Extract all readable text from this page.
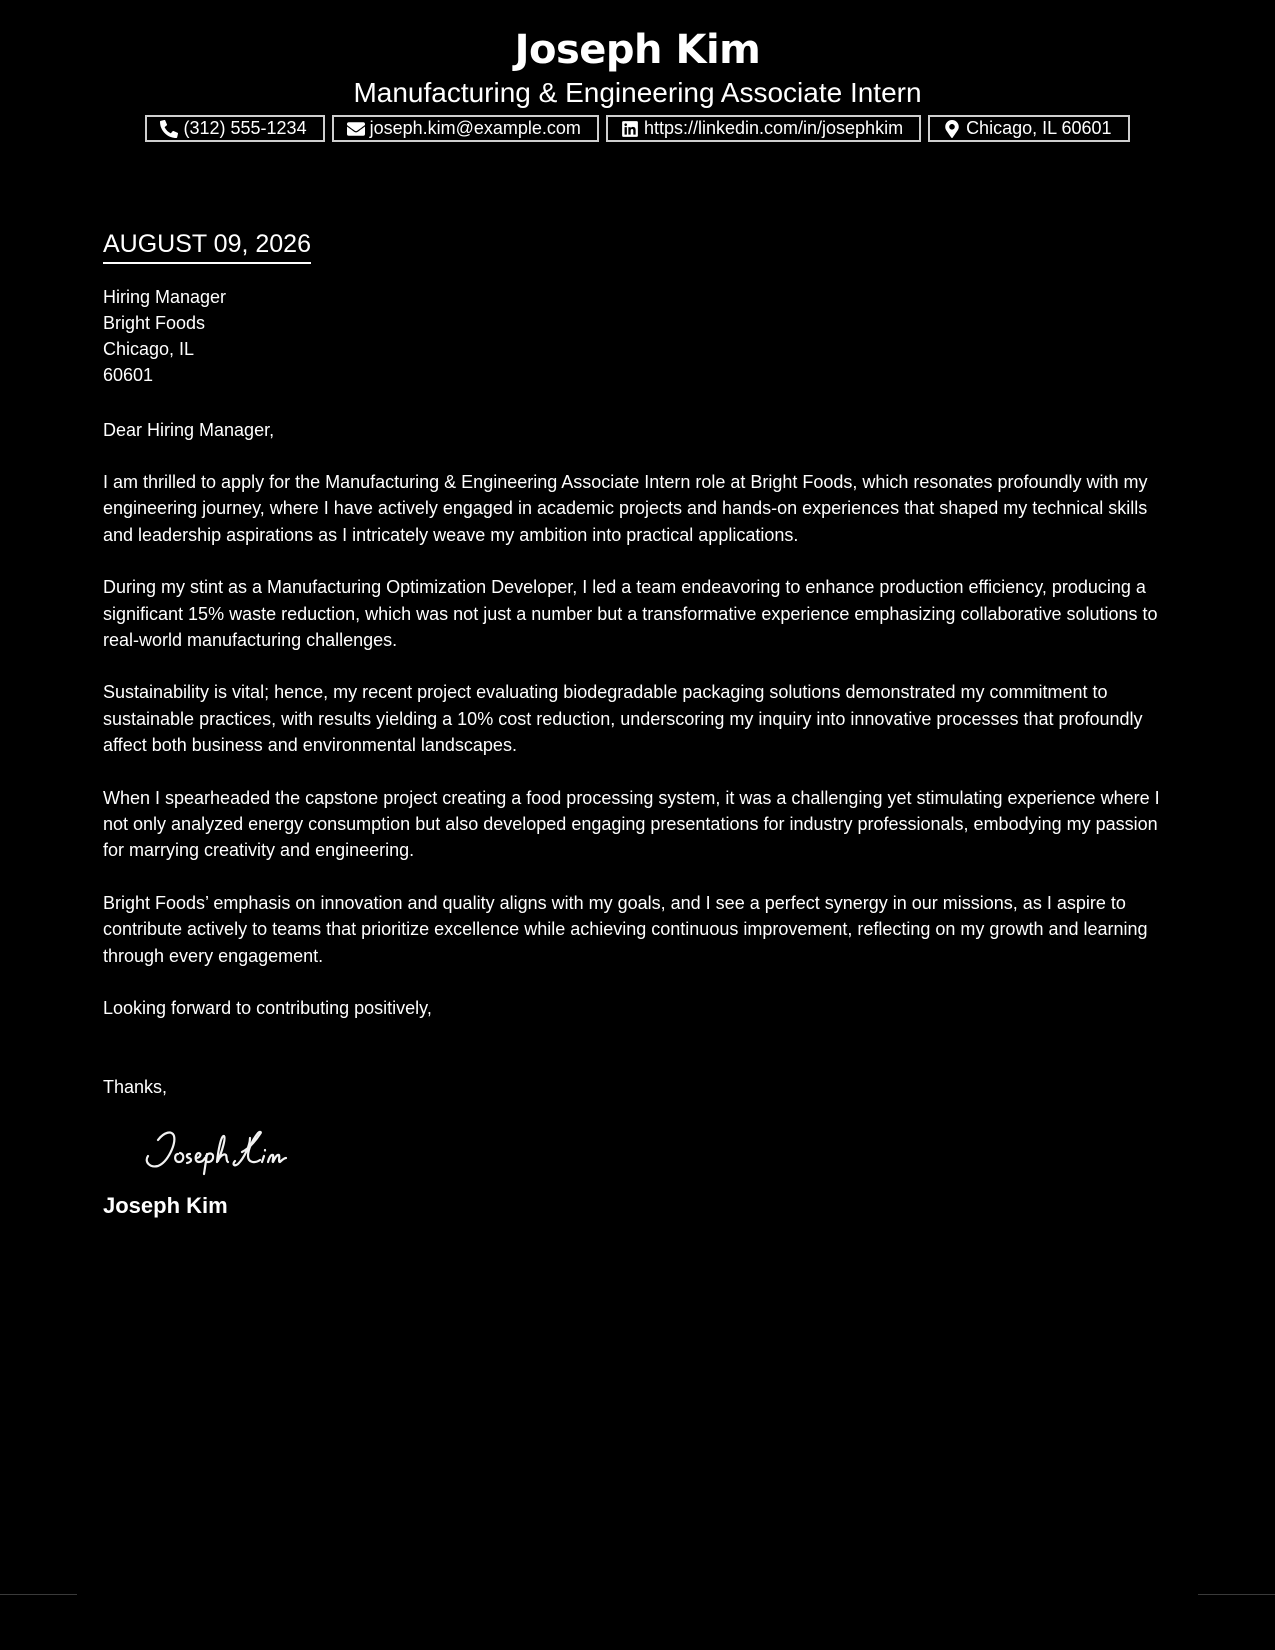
Joseph Kim
Manufacturing & Engineering Associate Intern
(312) 555-1234	joseph.kim@example.com	https://linkedin.com/in/josephkim	Chicago, IL 60601
AUGUST 09, 2026
Hiring Manager
Bright Foods
Chicago, IL
60601
Dear Hiring Manager,

I am thrilled to apply for the Manufacturing & Engineering Associate Intern role at Bright Foods, which resonates profoundly with my engineering journey, where I have actively engaged in academic projects and hands-on experiences that shaped my technical skills and leadership aspirations as I intricately weave my ambition into practical applications.

During my stint as a Manufacturing Optimization Developer, I led a team endeavoring to enhance production efficiency, producing a significant 15% waste reduction, which was not just a number but a transformative experience emphasizing collaborative solutions to real-world manufacturing challenges.

Sustainability is vital; hence, my recent project evaluating biodegradable packaging solutions demonstrated my commitment to sustainable practices, with results yielding a 10% cost reduction, underscoring my inquiry into innovative processes that profoundly affect both business and environmental landscapes.

When I spearheaded the capstone project creating a food processing system, it was a challenging yet stimulating experience where I not only analyzed energy consumption but also developed engaging presentations for industry professionals, embodying my passion for marrying creativity and engineering.

Bright Foods’ emphasis on innovation and quality aligns with my goals, and I see a perfect synergy in our missions, as I aspire to contribute actively to teams that prioritize excellence while achieving continuous improvement, reflecting on my growth and learning through every engagement.

Looking forward to contributing positively,
Thanks,
Joseph Kim
